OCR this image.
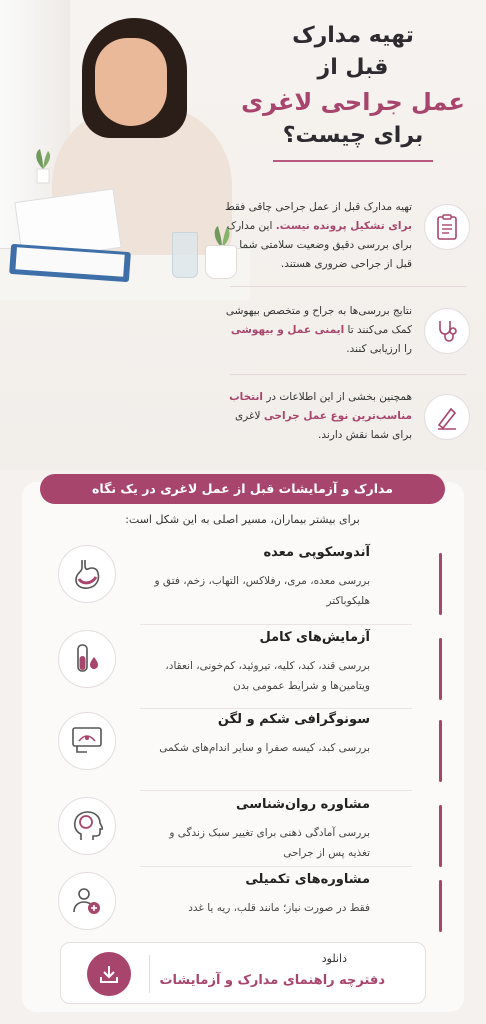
تهیه مدارک
قبل از
عمل جراحی لاغری
برای چیست؟
تهیه مدارک قبل از عمل جراحی چاقی فقط برای تشکیل پرونده نیست. این مدارک برای بررسی دقیق وضعیت سلامتی شما قبل از جراحی ضروری هستند.
نتایج بررسی‌ها به جراح و متخصص بیهوشی کمک می‌کنند تا ایمنی عمل و بیهوشی را ارزیابی کنند.
همچنین بخشی از این اطلاعات در انتخاب مناسب‌ترین نوع عمل جراحی لاغری برای شما نقش دارند.
مدارک و آزمایشات قبل از عمل لاغری در یک نگاه
برای بیشتر بیماران، مسیر اصلی به این شکل است:
آندوسکوپی معده
بررسی معده، مری، رفلاکس، التهاب، زخم، فتق و هلیکوباکتر
آزمایش‌های کامل
بررسی قند، کبد، کلیه، تیروئید، کم‌خونی، انعقاد، ویتامین‌ها و شرایط عمومی بدن
سونوگرافی شکم و لگن
بررسی کبد، کیسه صفرا و سایر اندام‌های شکمی
مشاوره روان‌شناسی
بررسی آمادگی ذهنی برای تغییر سبک زندگی و تغذیه پس از جراحی
مشاوره‌های تکمیلی
فقط در صورت نیاز؛ مانند قلب، ریه یا غدد
دانلود
دفترچه راهنمای مدارک و آزمایشات
